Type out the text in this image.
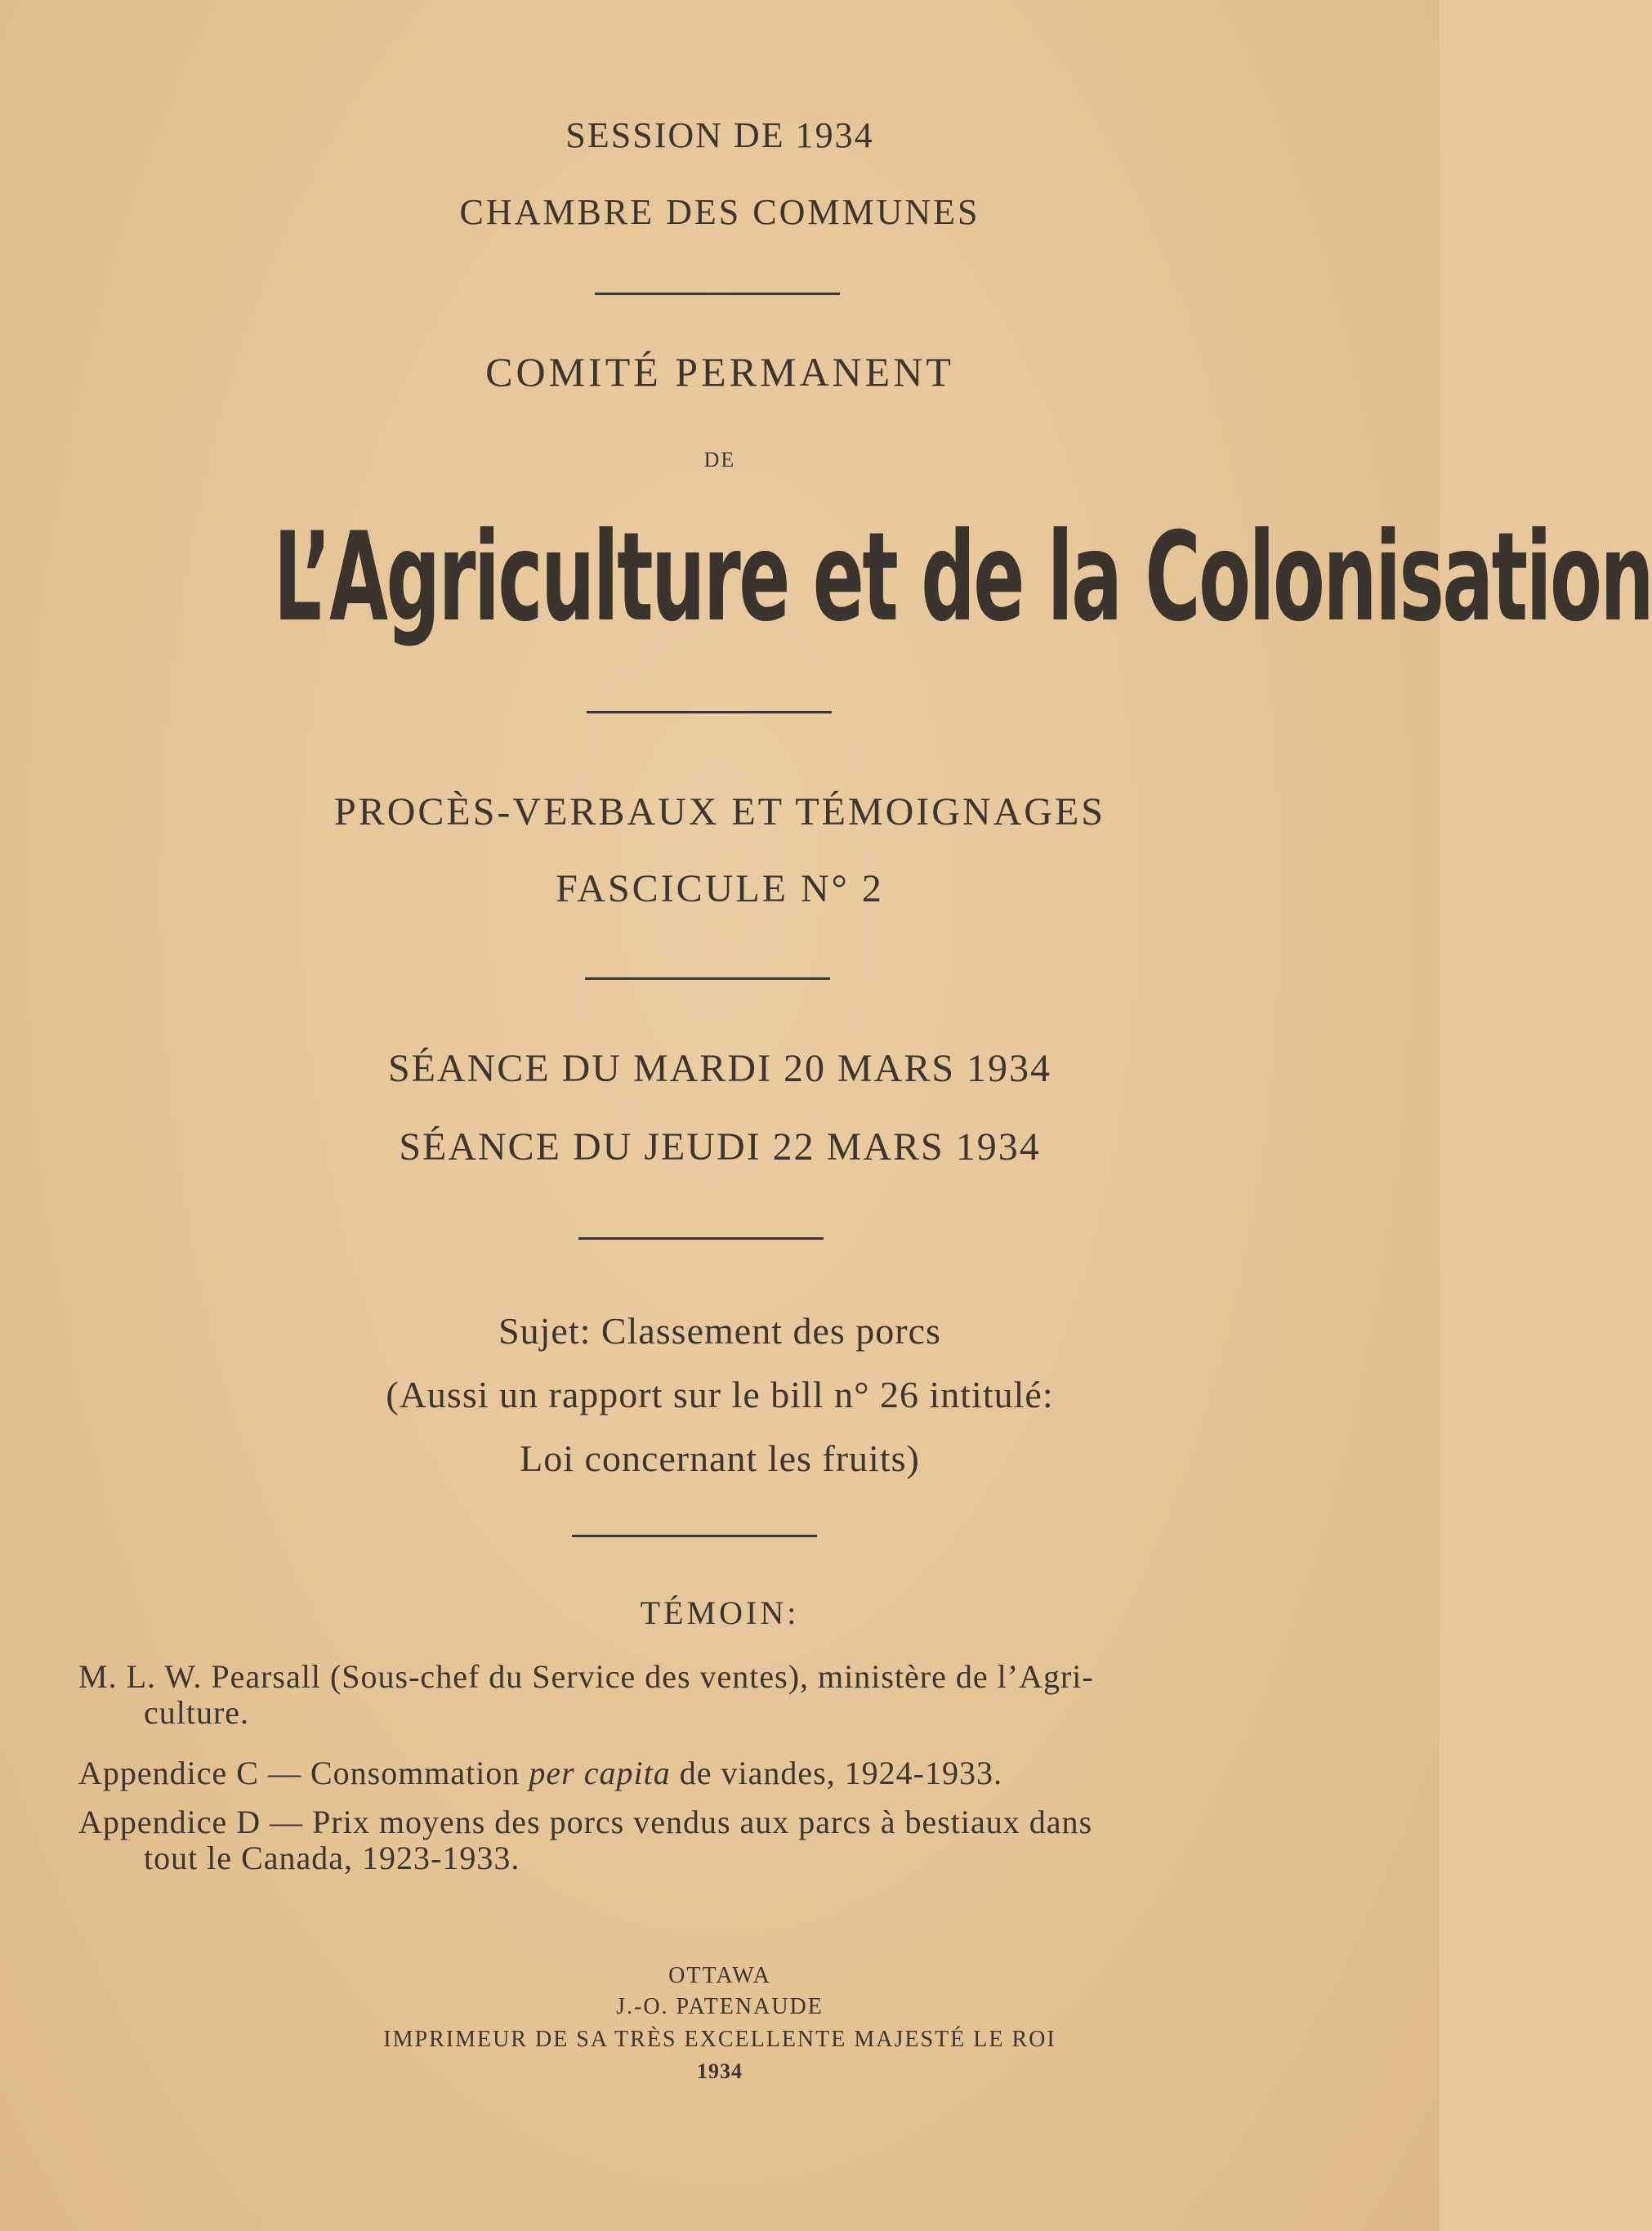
SESSION DE 1934
CHAMBRE DES COMMUNES
COMITÉ PERMANENT
DE
L’Agriculture et de la Colonisation
PROCÈS-VERBAUX ET TÉMOIGNAGES
FASCICULE N° 2
SÉANCE DU MARDI 20 MARS 1934
SÉANCE DU JEUDI 22 MARS 1934
Sujet: Classement des porcs
(Aussi un rapport sur le bill n° 26 intitulé:
Loi concernant les fruits)
TÉMOIN:
M. L. W. Pearsall (Sous-chef du Service des ventes), ministère de l’Agri-
culture.
Appendice C — Consommation per capita de viandes, 1924-1933.
Appendice D — Prix moyens des porcs vendus aux parcs à bestiaux dans
tout le Canada, 1923-1933.
OTTAWA
J.-O. PATENAUDE
IMPRIMEUR DE SA TRÈS EXCELLENTE MAJESTÉ LE ROI
1934
